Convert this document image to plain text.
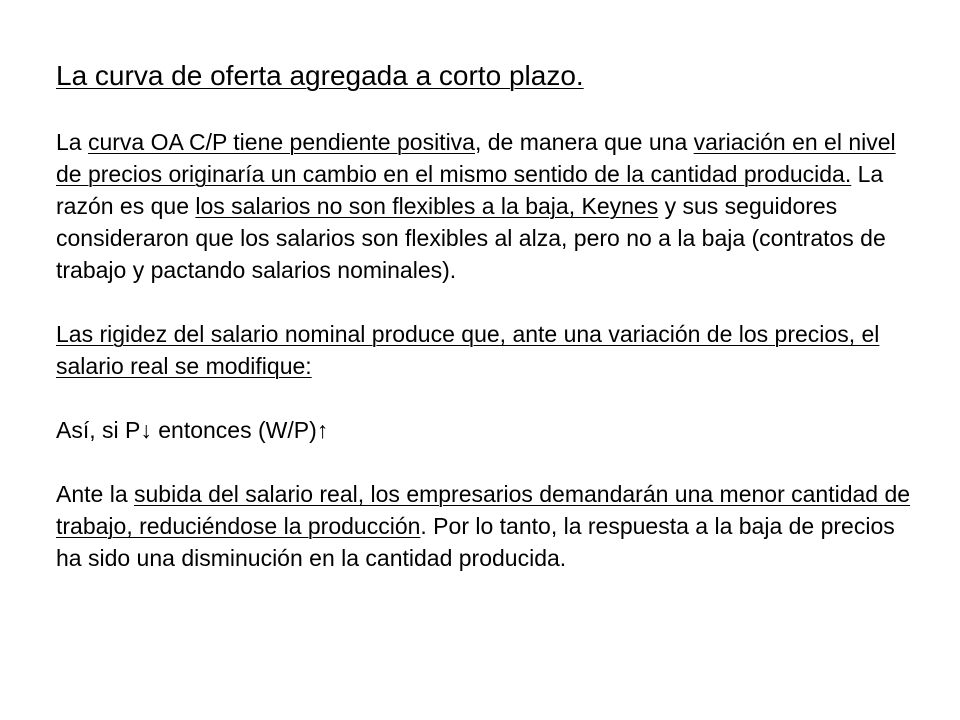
La curva de oferta agregada a corto plazo.

La curva OA C/P tiene pendiente positiva, de manera que una variación en el nivel de precios originaría un cambio en el mismo sentido de la cantidad producida. La razón es que los salarios no son flexibles a la baja, Keynes y sus seguidores consideraron que los salarios son flexibles al alza, pero no a la baja (contratos de trabajo y pactando salarios nominales).

Las rigidez del salario nominal produce que, ante una variación de los precios, el salario real se modifique:

Así, si P↓ entonces (W/P)↑

Ante la subida del salario real, los empresarios demandarán una menor cantidad de trabajo, reduciéndose la producción. Por lo tanto, la respuesta a la baja de precios ha sido una disminución en la cantidad producida.
